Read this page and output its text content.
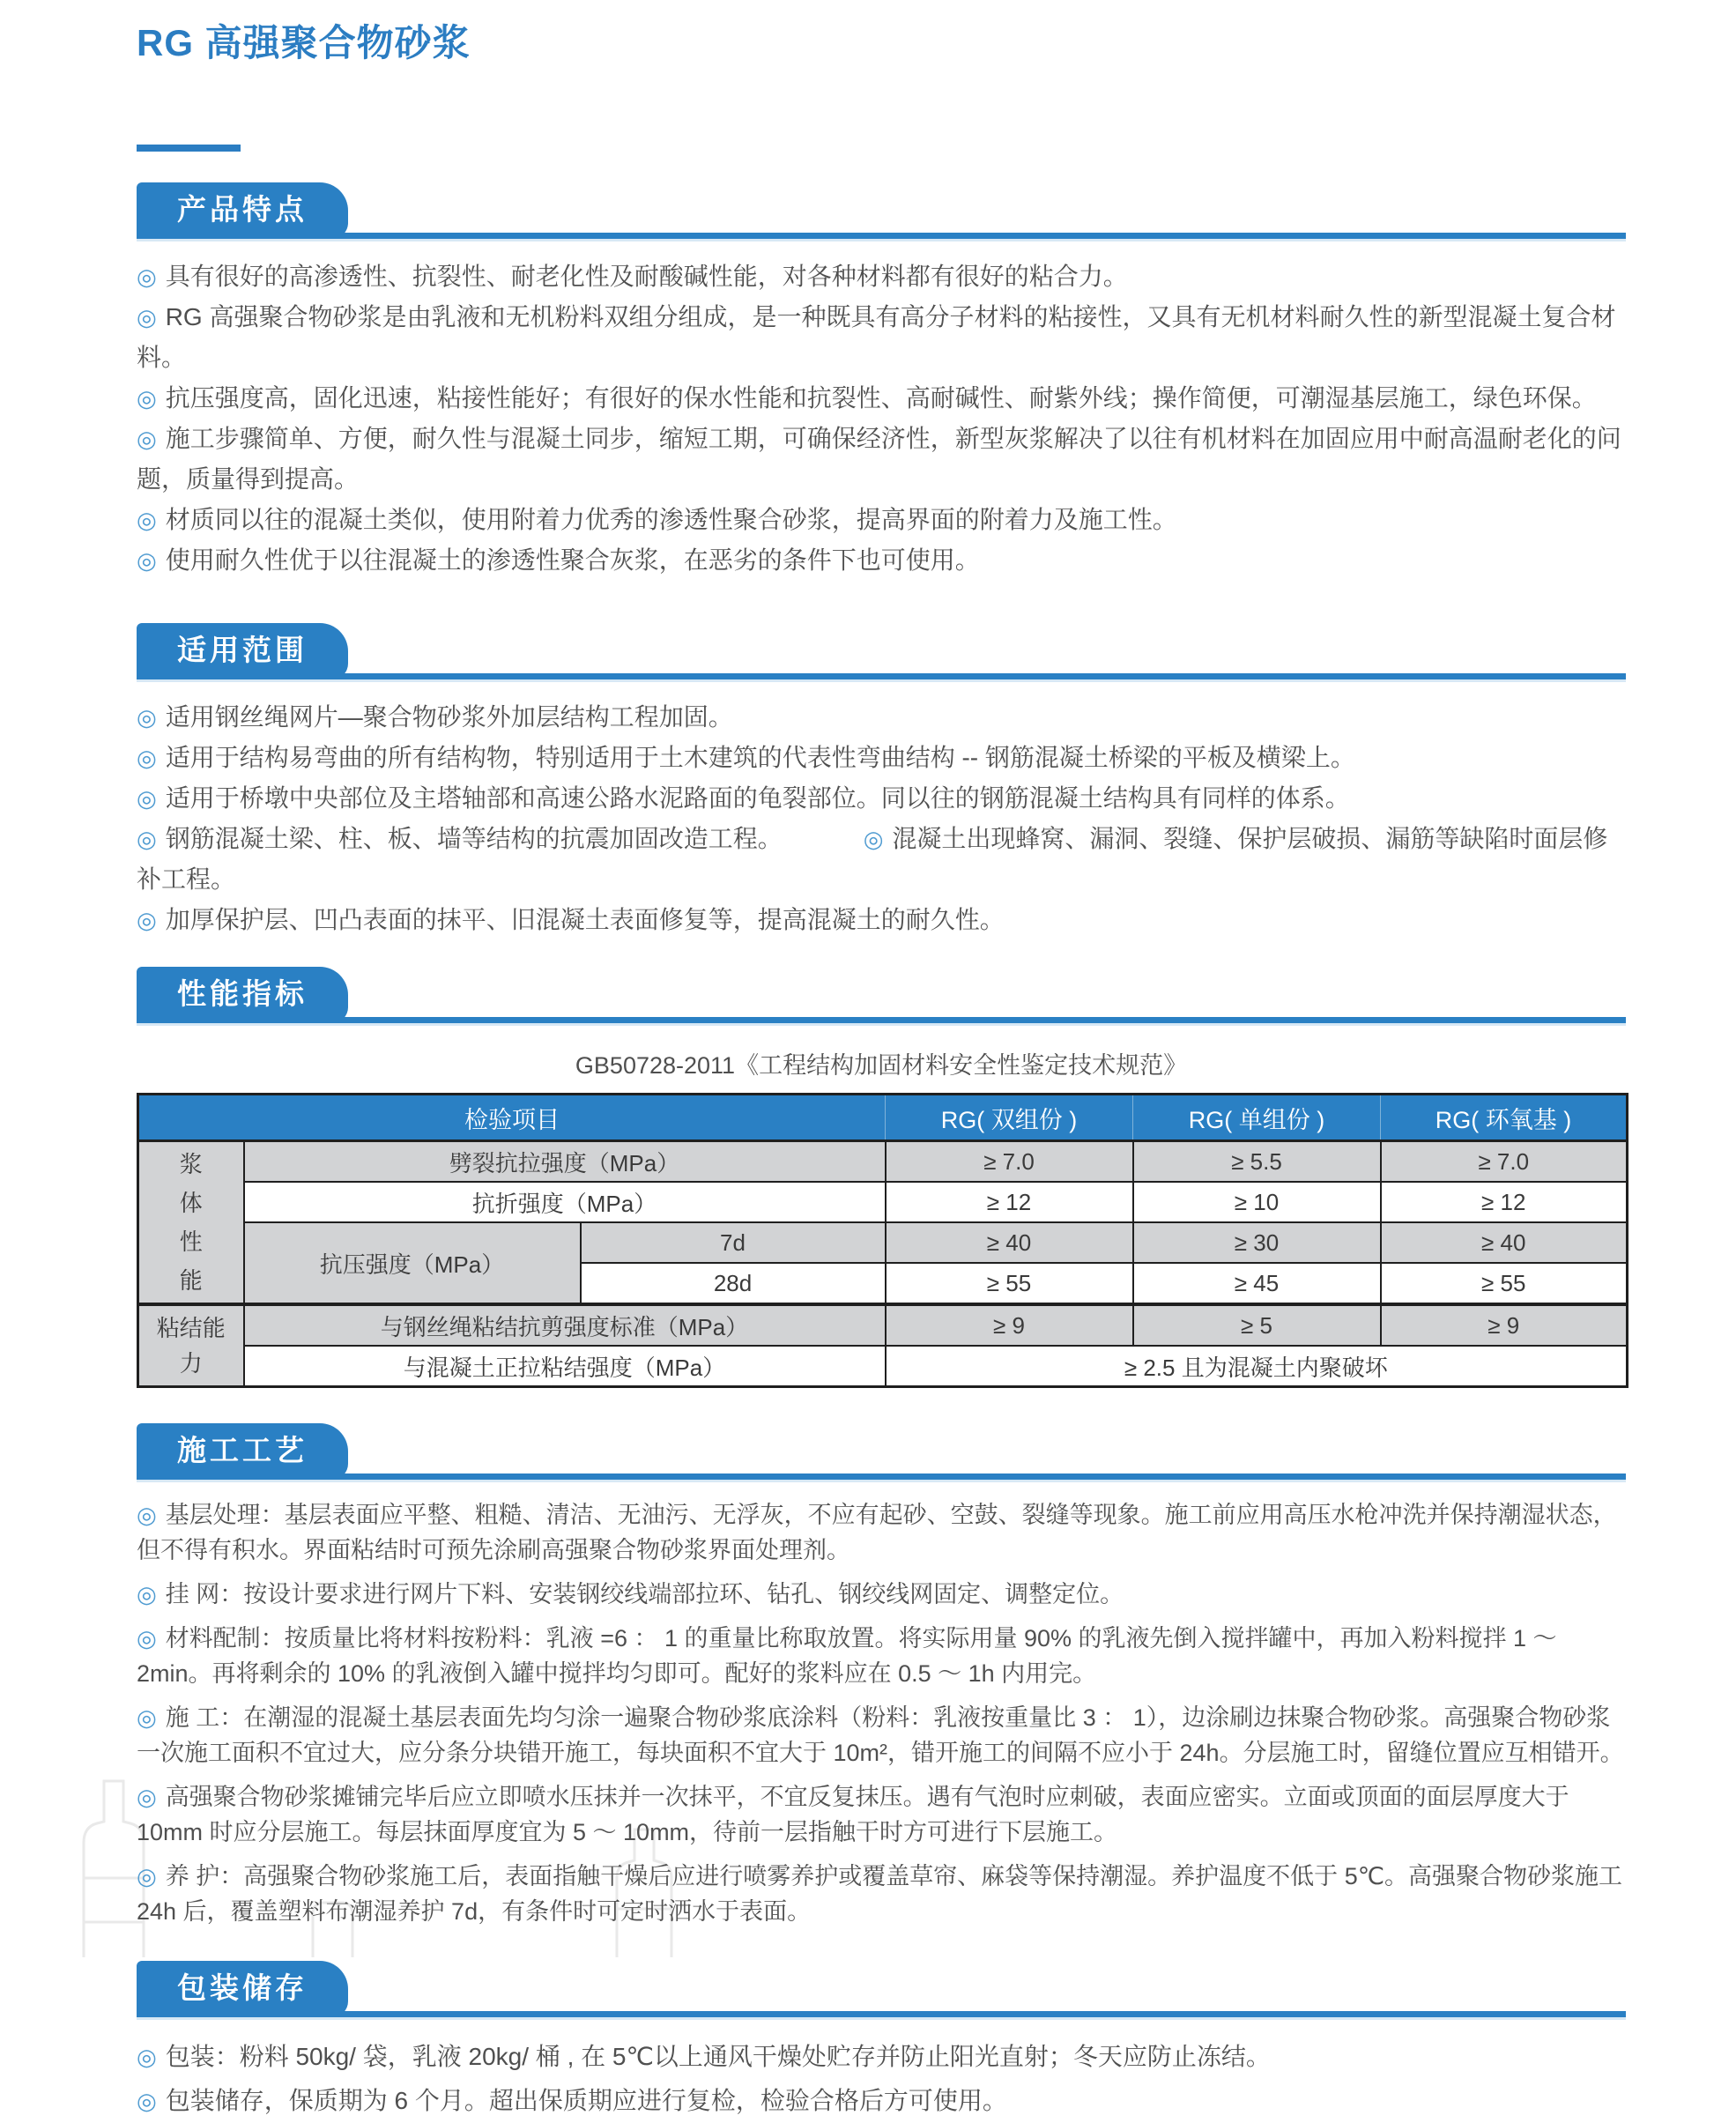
RG 高强聚合物砂浆
产品特点

◎ 具有很好的高渗透性、抗裂性、耐老化性及耐酸碱性能，对各种材料都有很好的粘合力。

◎ RG 高强聚合物砂浆是由乳液和无机粉料双组分组成，是一种既具有高分子材料的粘接性，又具有无机材料耐久性的新型混凝土复合材料。

◎ 抗压强度高，固化迅速，粘接性能好；有很好的保水性能和抗裂性、高耐碱性、耐紫外线；操作简便，可潮湿基层施工，绿色环保。

◎ 施工步骤简单、方便，耐久性与混凝土同步，缩短工期，可确保经济性，新型灰浆解决了以往有机材料在加固应用中耐高温耐老化的问题，质量得到提高。

◎ 材质同以往的混凝土类似，使用附着力优秀的渗透性聚合砂浆，提高界面的附着力及施工性。

◎ 使用耐久性优于以往混凝土的渗透性聚合灰浆，在恶劣的条件下也可使用。

适用范围

◎ 适用钢丝绳网片—聚合物砂浆外加层结构工程加固。

◎ 适用于结构易弯曲的所有结构物，特别适用于土木建筑的代表性弯曲结构 -- 钢筋混凝土桥梁的平板及横梁上。

◎ 适用于桥墩中央部位及主塔轴部和高速公路水泥路面的龟裂部位。同以往的钢筋混凝土结构具有同样的体系。

◎ 钢筋混凝土梁、柱、板、墙等结构的抗震加固改造工程。	◎ 混凝土出现蜂窝、漏洞、裂缝、保护层破损、漏筋等缺陷时面层修补工程。

◎ 加厚保护层、凹凸表面的抹平、旧混凝土表面修复等，提高混凝土的耐久性。

性能指标
GB50728-2011《工程结构加固材料安全性鉴定技术规范》
检验项目			RG( 双组份 )	RG( 单组份 )	RG( 环氧基 )

浆
体
性
能	劈裂抗拉强度（MPa）		≥ 7.0	≥ 5.5	≥ 7.0
	抗折强度（MPa）		≥ 12	≥ 10	≥ 12
	抗压强度（MPa）	7d	≥ 40	≥ 30	≥ 40
		28d	≥ 55	≥ 45	≥ 55
粘结能力	与钢丝绳粘结抗剪强度标准（MPa）		≥ 9	≥ 5	≥ 9
	与混凝土正拉粘结强度（MPa）		≥ 2.5 且为混凝土内聚破坏		
施工工艺

◎ 基层处理：基层表面应平整、粗糙、清洁、无油污、无浮灰，不应有起砂、空鼓、裂缝等现象。施工前应用高压水枪冲洗并保持潮湿状态，但不得有积水。界面粘结时可预先涂刷高强聚合物砂浆界面处理剂。

◎ 挂 网：按设计要求进行网片下料、安装钢绞线端部拉环、钻孔、钢绞线网固定、调整定位。

◎ 材料配制：按质量比将材料按粉料：乳液 =6 ： 1 的重量比称取放置。将实际用量 90% 的乳液先倒入搅拌罐中，再加入粉料搅拌 1 ～ 2min。再将剩余的 10% 的乳液倒入罐中搅拌均匀即可。配好的浆料应在 0.5 ～ 1h 内用完。

◎ 施 工：在潮湿的混凝土基层表面先均匀涂一遍聚合物砂浆底涂料（粉料：乳液按重量比 3 ： 1），边涂刷边抹聚合物砂浆。高强聚合物砂浆一次施工面积不宜过大，应分条分块错开施工，每块面积不宜大于 10m²，错开施工的间隔不应小于 24h。分层施工时，留缝位置应互相错开。

◎ 高强聚合物砂浆摊铺完毕后应立即喷水压抹并一次抹平，不宜反复抹压。遇有气泡时应刺破，表面应密实。立面或顶面的面层厚度大于 10mm 时应分层施工。每层抹面厚度宜为 5 ～ 10mm，待前一层指触干时方可进行下层施工。

◎ 养 护：高强聚合物砂浆施工后，表面指触干燥后应进行喷雾养护或覆盖草帘、麻袋等保持潮湿。养护温度不低于 5℃。高强聚合物砂浆施工 24h 后，覆盖塑料布潮湿养护 7d，有条件时可定时洒水于表面。

包装储存

◎ 包装：粉料 50kg/ 袋，乳液 20kg/ 桶 , 在 5℃以上通风干燥处贮存并防止阳光直射；冬天应防止冻结。

◎ 包装储存，保质期为 6 个月。超出保质期应进行复检，检验合格后方可使用。
